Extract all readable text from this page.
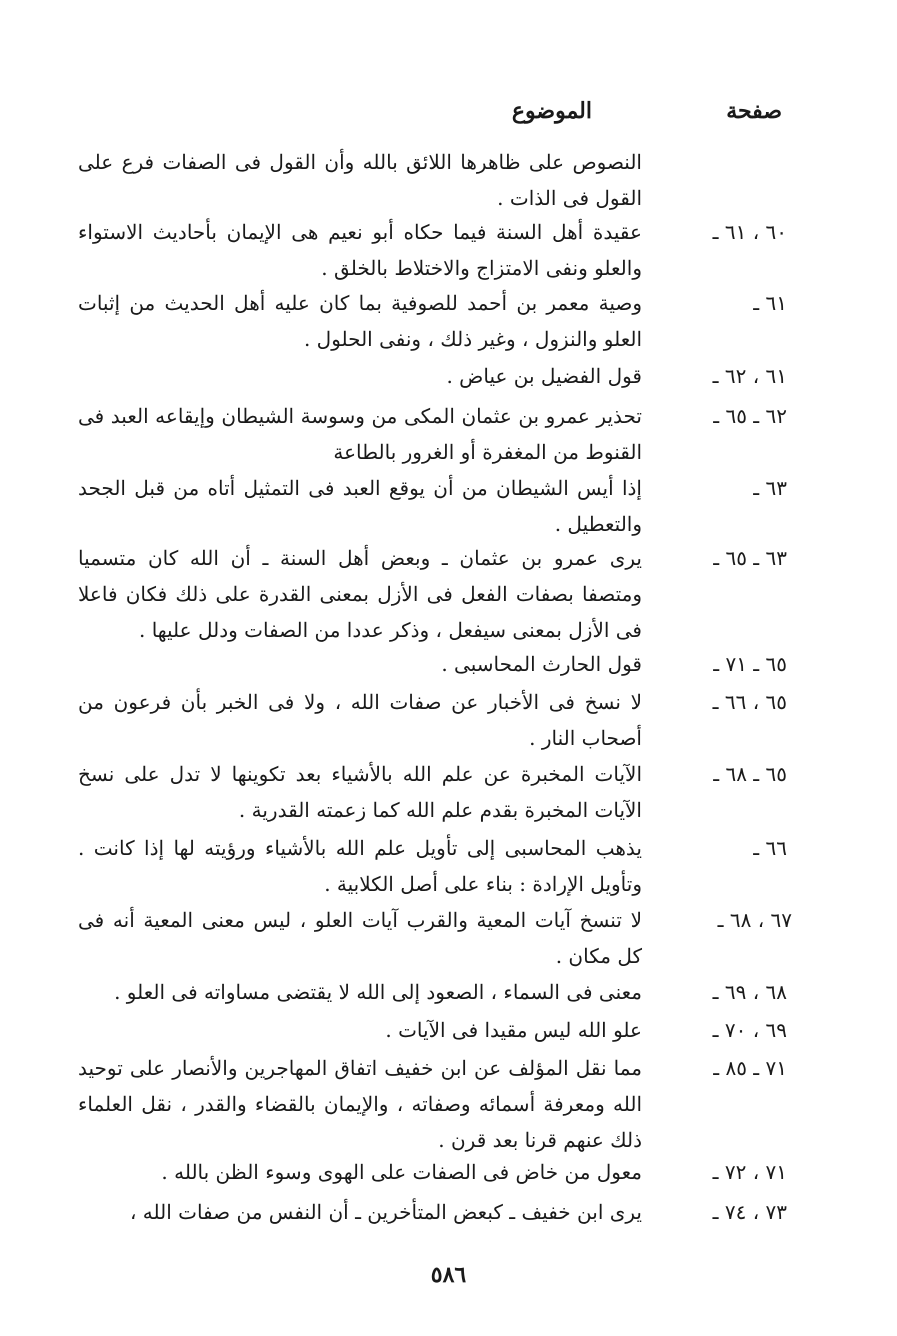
صفحة
الموضوع
النصوص على ظاهرها اللائق بالله وأن القول فى الصفات فرع على القول فى الذات .
٦٠ ، ٦١ ـ
عقيدة أهل السنة فيما حكاه أبو نعيم هى الإيمان بأحاديث الاستواء والعلو ونفى الامتزاج والاختلاط بالخلق .
٦١ ـ
وصية معمر بن أحمد للصوفية بما كان عليه أهل الحديث من إثبات العلو والنزول ، وغير ذلك ، ونفى الحلول .
٦١ ، ٦٢ ـ
قول الفضيل بن عياض .
٦٢ ـ ٦٥ ـ
تحذير عمرو بن عثمان المكى من وسوسة الشيطان وإيقاعه العبد فى القنوط من المغفرة أو الغرور بالطاعة
٦٣ ـ
إذا أيس الشيطان من أن يوقع العبد فى التمثيل أتاه من قبل الجحد والتعطيل .
٦٣ ـ ٦٥ ـ
يرى عمرو بن عثمان ـ وبعض أهل السنة ـ أن الله كان متسميا ومتصفا بصفات الفعل فى الأزل بمعنى القدرة على ذلك فكان فاعلا فى الأزل بمعنى سيفعل ، وذكر عددا من الصفات ودلل عليها .
٦٥ ـ ٧١ ـ
قول الحارث المحاسبى .
٦٥ ، ٦٦ ـ
لا نسخ فى الأخبار عن صفات الله ، ولا فى الخبر بأن فرعون من أصحاب النار .
٦٥ ـ ٦٨ ـ
الآيات المخبرة عن علم الله بالأشياء بعد تكوينها لا تدل على نسخ الآيات المخبرة بقدم علم الله كما زعمته القدرية .
٦٦ ـ
يذهب المحاسبى إلى تأويل علم الله بالأشياء ورؤيته لها إذا كانت . وتأويل الإرادة : بناء على أصل الكلابية .
٦٧ ، ٦٨ ـ
لا تنسخ آيات المعية والقرب آيات العلو ، ليس معنى المعية أنه فى كل مكان .
٦٨ ، ٦٩ ـ
معنى فى السماء ، الصعود إلى الله لا يقتضى مساواته فى العلو .
٦٩ ، ٧٠ ـ
علو الله ليس مقيدا فى الآيات .
٧١ ـ ٨٥ ـ
مما نقل المؤلف عن ابن خفيف اتفاق المهاجرين والأنصار على توحيد الله ومعرفة أسمائه وصفاته ، والإيمان بالقضاء والقدر ، نقل العلماء ذلك عنهم قرنا بعد قرن .
٧١ ، ٧٢ ـ
معول من خاض فى الصفات على الهوى وسوء الظن بالله .
٧٣ ، ٧٤ ـ
يرى ابن خفيف ـ كبعض المتأخرين ـ أن النفس من صفات الله ،
٥٨٦
